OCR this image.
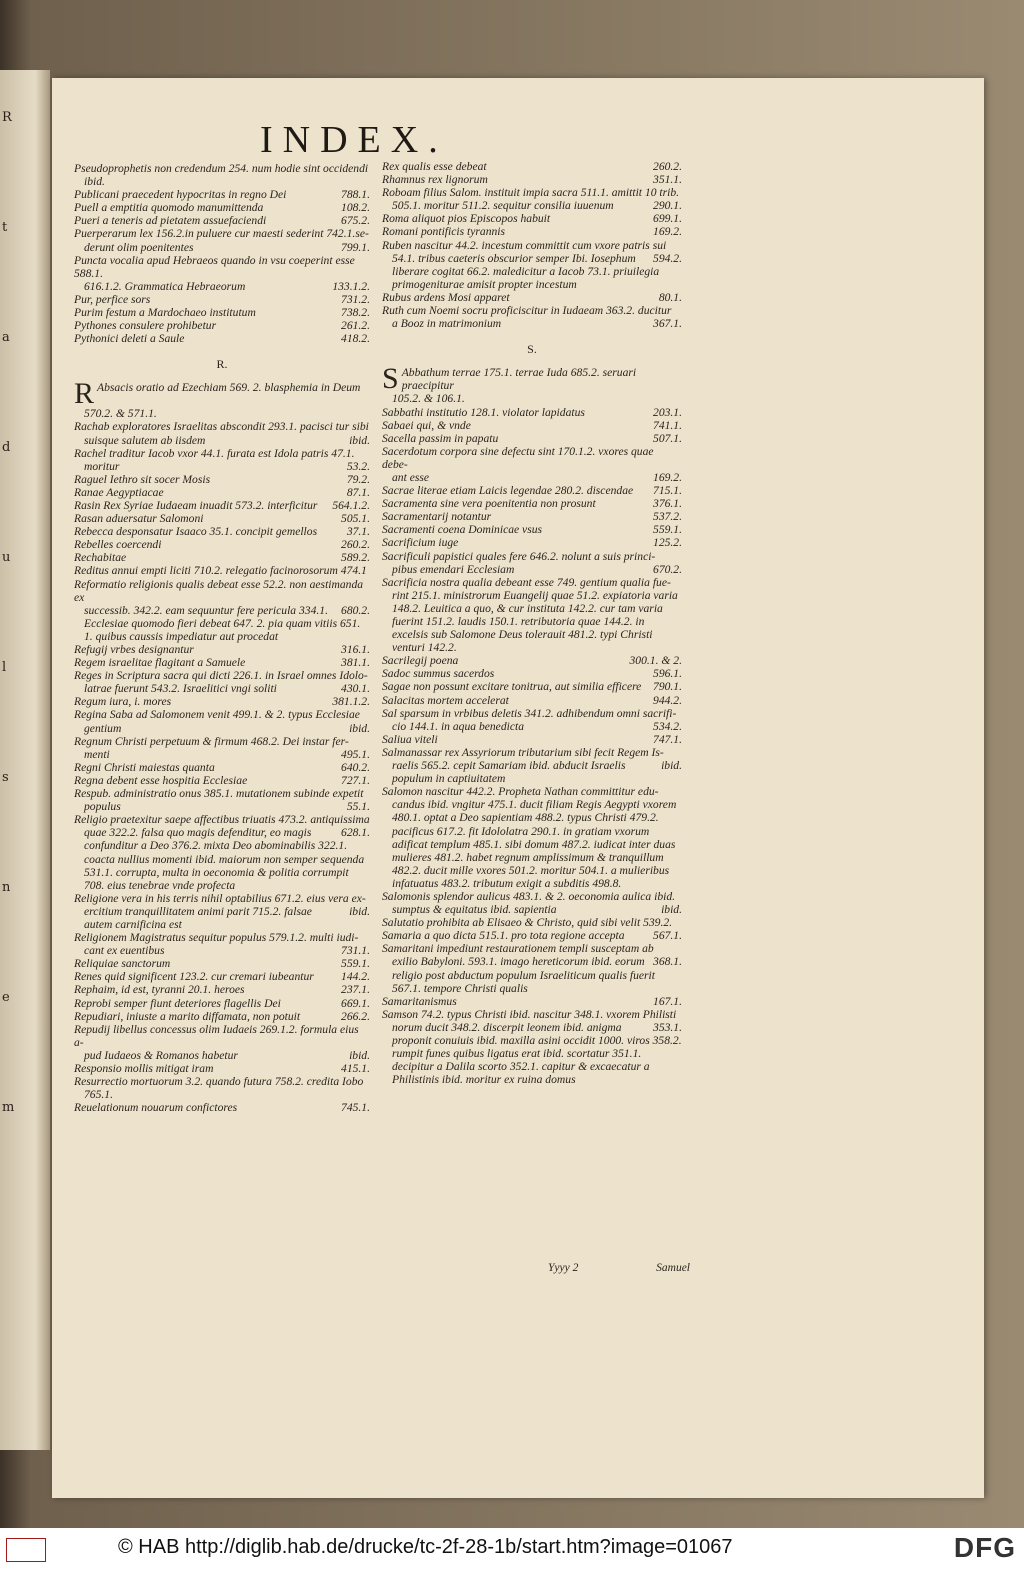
R
t
a
d
u
l
s
n
e
m
INDEX.
Pseudoprophetis non credendum 254. num hodie sint occidendi
ibid.
788.1.
Publicani praecedent hypocritas in regno Dei
108.2.
Puell a emptitia quomodo manumittenda
675.2.
Pueri a teneris ad pietatem assuefaciendi
Puerperarum lex 156.2.in puluere cur maesti sederint 742.1.se-
799.1.
derunt olim poenitentes
Puncta vocalia apud Hebraeos quando in vsu coeperint esse 588.1.
133.1.2.
616.1.2. Grammatica Hebraeorum
731.2.
Pur, perfice sors
738.2.
Purim festum a Mardochaeo institutum
261.2.
Pythones consulere prohibetur
418.2.
Pythonici deleti a Saule
R.
R Absacis oratio ad Ezechiam 569. 2. blasphemia in Deum
570.2. & 571.1.
Rachab exploratores Israelitas abscondit 293.1. pacisci tur sibi
ibid.
suisque salutem ab iisdem
Rachel traditur Iacob vxor 44.1. furata est Idola patris 47.1.
53.2.
moritur
79.2.
Raguel Iethro sit socer Mosis
87.1.
Ranae Aegyptiacae
564.1.2.
Rasin Rex Syriae Iudaeam inuadit 573.2. interficitur
505.1.
Rasan aduersatur Salomoni
37.1.
Rebecca desponsatur Isaaco 35.1. concipit gemellos
260.2.
Rebelles coercendi
589.2.
Rechabitae
Reditus annui empti liciti 710.2. relegatio facinorosorum 474.1
Reformatio religionis qualis debeat esse 52.2. non aestimanda ex
680.2.
successib. 342.2. eam sequuntur fere pericula 334.1. Ecclesiae quomodo fieri debeat 647. 2. pia quam vitiis 651. 1. quibus caussis impediatur aut procedat
316.1.
Refugij vrbes designantur
381.1.
Regem israelitae flagitant a Samuele
Reges in Scriptura sacra qui dicti 226.1. in Israel omnes Idolo-
430.1.
latrae fuerunt 543.2. Israelitici vngi soliti
381.1.2.
Regum iura, i. mores
Regina Saba ad Salomonem venit 499.1. & 2. typus Ecclesiae
ibid.
gentium
Regnum Christi perpetuum & firmum 468.2. Dei instar fer-
495.1.
menti
640.2.
Regni Christi maiestas quanta
727.1.
Regna debent esse hospitia Ecclesiae
Respub. administratio onus 385.1. mutationem subinde expetit
55.1.
populus
Religio praetexitur saepe affectibus triuatis 473.2. antiquissima
628.1.
quae 322.2. falsa quo magis defenditur, eo magis confunditur a Deo 376.2. mixta Deo abominabilis 322.1. coacta nullius momenti ibid. maiorum non semper sequenda 531.1. corrupta, multa in oeconomia & politia corrumpit 708. eius tenebrae vnde profecta
Religione vera in his terris nihil optabilius 671.2. eius vera ex-
ibid.
ercitium tranquillitatem animi parit 715.2. falsae autem carnificina est
Religionem Magistratus sequitur populus 579.1.2. multi iudi-
731.1.
cant ex euentibus
559.1.
Reliquiae sanctorum
144.2.
Renes quid significent 123.2. cur cremari iubeantur
237.1.
Rephaim, id est, tyranni 20.1. heroes
669.1.
Reprobi semper fiunt deteriores flagellis Dei
266.2.
Repudiari, iniuste a marito diffamata, non potuit
Repudij libellus concessus olim Iudaeis 269.1.2. formula eius a-
ibid.
pud Iudaeos & Romanos habetur
415.1.
Responsio mollis mitigat iram
Resurrectio mortuorum 3.2. quando futura 758.2. credita Iobo
765.1.
745.1.
Reuelationum nouarum confictores
260.2.
Rex qualis esse debeat
351.1.
Rhamnus rex lignorum
Roboam filius Salom. instituit impia sacra 511.1. amittit 10 trib.
290.1.
505.1. moritur 511.2. sequitur consilia iuuenum
699.1.
Roma aliquot pios Episcopos habuit
169.2.
Romani pontificis tyrannis
Ruben nascitur 44.2. incestum committit cum vxore patris sui
594.2.
54.1. tribus caeteris obscurior semper Ibi. Iosephum liberare cogitat 66.2. maledicitur a Iacob 73.1. priuilegia primogeniturae amisit propter incestum
80.1.
Rubus ardens Mosi apparet
Ruth cum Noemi socru proficiscitur in Iudaeam 363.2. ducitur
367.1.
a Booz in matrimonium
S.
S Abbathum terrae 175.1. terrae Iuda 685.2. seruari praecipitur
105.2. & 106.1.
203.1.
Sabbathi institutio 128.1. violator lapidatus
741.1.
Sabaei qui, & vnde
507.1.
Sacella passim in papatu
Sacerdotum corpora sine defectu sint 170.1.2. vxores quae debe-
169.2.
ant esse
715.1.
Sacrae literae etiam Laicis legendae 280.2. discendae
376.1.
Sacramenta sine vera poenitentia non prosunt
537.2.
Sacramentarij notantur
559.1.
Sacramenti coena Dominicae vsus
125.2.
Sacrificium iuge
Sacrificuli papistici quales fere 646.2. nolunt a suis princi-
670.2.
pibus emendari Ecclesiam
Sacrificia nostra qualia debeant esse 749. gentium qualia fue-
rint 215.1. ministrorum Euangelij quae 51.2. expiatoria varia 148.2. Leuitica a quo, & cur instituta 142.2. cur tam varia fuerint 151.2. laudis 150.1. retributoria quae 144.2. in excelsis sub Salomone Deus tolerauit 481.2. typi Christi venturi 142.2.
300.1. & 2.
Sacrilegij poena
596.1.
Sadoc summus sacerdos
790.1.
Sagae non possunt excitare tonitrua, aut similia efficere
944.2.
Salacitas mortem accelerat
Sal sparsum in vrbibus deletis 341.2. adhibendum omni sacrifi-
534.2.
cio 144.1. in aqua benedicta
747.1.
Saliua viteli
Salmanassar rex Assyriorum tributarium sibi fecit Regem Is-
ibid.
raelis 565.2. cepit Samariam ibid. abducit Israelis populum in captiuitatem
Salomon nascitur 442.2. Propheta Nathan committitur edu-
candus ibid. vngitur 475.1. ducit filiam Regis Aegypti vxorem 480.1. optat a Deo sapientiam 488.2. typus Christi 479.2. pacificus 617.2. fit Idololatra 290.1. in gratiam vxorum adificat templum 485.1. sibi domum 487.2. iudicat inter duas mulieres 481.2. habet regnum amplissimum & tranquillum 482.2. ducit mille vxores 501.2. moritur 504.1. a mulieribus infatuatus 483.2. tributum exigit a subditis 498.8.
Salomonis splendor aulicus 483.1. & 2. oeconomia aulica ibid.
ibid.
sumptus & equitatus ibid. sapientia
Salutatio prohibita ab Elisaeo & Christo, quid sibi velit 539.2.
567.1.
Samaria a quo dicta 515.1. pro tota regione accepta
Samaritani impediunt restaurationem templi susceptam ab
368.1.
exilio Babyloni. 593.1. imago hereticorum ibid. eorum religio post abductum populum Israeliticum qualis fuerit 567.1. tempore Christi qualis
167.1.
Samaritanismus
Samson 74.2. typus Christi ibid. nascitur 348.1. vxorem Philisti
353.1.
norum ducit 348.2. discerpit leonem ibid. anigma proponit conuiuis ibid. maxilla asini occidit 1000. viros 358.2. rumpit funes quibus ligatus erat ibid. scortatur 351.1. decipitur a Dalila scorto 352.1. capitur & excaecatur a Philistinis ibid. moritur ex ruina domus
Yyyy 2	Samuel
© HAB http://diglib.hab.de/drucke/tc-2f-28-1b/start.htm?image=01067	DFG
